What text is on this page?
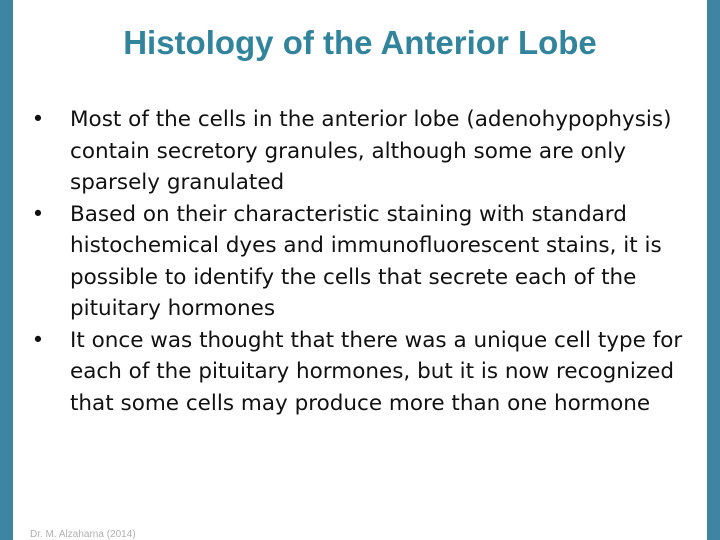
Histology of the Anterior Lobe
• Most of the cells in the anterior lobe (adenohypophysis) contain secretory granules, although some are only sparsely granulated
• Based on their characteristic staining with standard histochemical dyes and immunofluorescent stains, it is possible to identify the cells that secrete each of the pituitary hormones
• It once was thought that there was a unique cell type for each of the pituitary hormones, but it is now recognized that some cells may produce more than one hormone
Dr. M. Alzaharna (2014)
5
